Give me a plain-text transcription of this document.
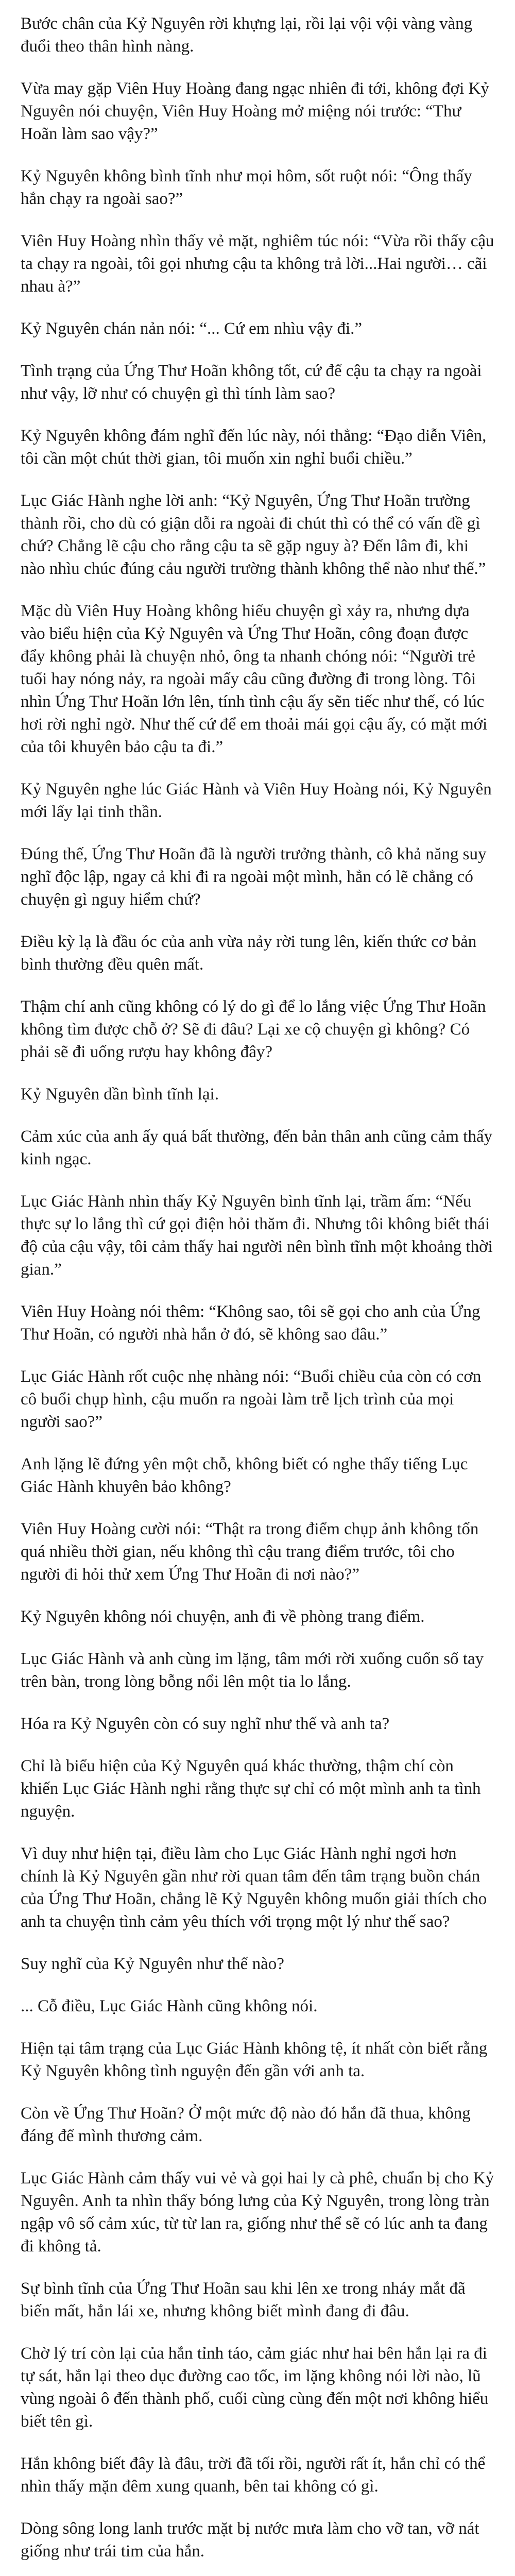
Bước chân của Kỷ Nguyên rời khựng lại, rồi lại vội vội vàng vàng đuổi theo thân hình nàng.

Vừa may gặp Viên Huy Hoàng đang ngạc nhiên đi tới, không đợi Kỷ Nguyên nói chuyện, Viên Huy Hoàng mở miệng nói trước: “Thư Hoãn làm sao vậy?”

Kỷ Nguyên không bình tĩnh như mọi hôm, sốt ruột nói: “Ông thấy hắn chạy ra ngoài sao?”

Viên Huy Hoàng nhìn thấy vẻ mặt, nghiêm túc nói: “Vừa rồi thấy cậu ta chạy ra ngoài, tôi gọi nhưng cậu ta không trả lời...Hai người… cãi nhau à?”

Kỷ Nguyên chán nản nói: “... Cứ em nhìu vậy đi.”

Tình trạng của Ứng Thư Hoãn không tốt, cứ để cậu ta chạy ra ngoài như vậy, lỡ như có chuyện gì thì tính làm sao?

Kỷ Nguyên không đám nghĩ đến lúc này, nói thẳng: “Đạo diễn Viên, tôi cần một chút thời gian, tôi muốn xin nghỉ buổi chiều.”

Lục Giác Hành nghe lời anh: “Kỷ Nguyên, Ứng Thư Hoãn trường thành rồi, cho dù có giận dỗi ra ngoài đi chút thì có thể có vấn đề gì chứ? Chẳng lẽ cậu cho rằng cậu ta sẽ gặp nguy à? Đến lâm đi, khi nào nhìu chúc đúng cảu người trường thành không thể nào như thế.”

Mặc dù Viên Huy Hoàng không hiểu chuyện gì xảy ra, nhưng dựa vào biểu hiện của Kỷ Nguyên và Ứng Thư Hoãn, công đoạn được đẩy không phải là chuyện nhỏ, ông ta nhanh chóng nói: “Người trẻ tuổi hay nóng nảy, ra ngoài mấy câu cũng đường đi trong lòng. Tôi nhìn Ứng Thư Hoãn lớn lên, tính tình cậu ấy sẽn tiếc như thế, có lúc hơi rời nghỉ ngờ. Như thế cứ để em thoải mái gọi cậu ấy, có mặt mới của tôi khuyên bảo cậu ta đi.”

Kỷ Nguyên nghe lúc Giác Hành và Viên Huy Hoàng nói, Kỷ Nguyên mới lấy lại tinh thần.

Đúng thế, Ứng Thư Hoãn đã là người trưởng thành, cô khả năng suy nghĩ độc lập, ngay cả khi đi ra ngoài một mình, hẳn có lẽ chẳng có chuyện gì nguy hiểm chứ?

Điều kỳ lạ là đầu óc của anh vừa nảy rời tung lên, kiến thức cơ bản bình thường đều quên mất.

Thậm chí anh cũng không có lý do gì để lo lắng việc Ứng Thư Hoãn không tìm được chỗ ở? Sẽ đi đâu? Lại xe cộ chuyện gì không? Có phải sẽ đi uống rượu hay không đây?

Kỷ Nguyên dần bình tĩnh lại.

Cảm xúc của anh ấy quá bất thường, đến bản thân anh cũng cảm thấy kinh ngạc.

Lục Giác Hành nhìn thấy Kỷ Nguyên bình tĩnh lại, trầm ấm: “Nếu thực sự lo lắng thì cứ gọi điện hỏi thăm đi. Nhưng tôi không biết thái độ của cậu vậy, tôi cảm thấy hai người nên bình tĩnh một khoảng thời gian.”

Viên Huy Hoàng nói thêm: “Không sao, tôi sẽ gọi cho anh của Ứng Thư Hoãn, có người nhà hắn ở đó, sẽ không sao đâu.”

Lục Giác Hành rốt cuộc nhẹ nhàng nói: “Buổi chiều của còn có cơn cô buổi chụp hình, cậu muốn ra ngoài làm trễ lịch trình của mọi người sao?”

Anh lặng lẽ đứng yên một chỗ, không biết có nghe thấy tiếng Lục Giác Hành khuyên bảo không?

Viên Huy Hoàng cười nói: “Thật ra trong điểm chụp ảnh không tốn quá nhiều thời gian, nếu không thì cậu trang điểm trước, tôi cho người đi hỏi thử xem Ứng Thư Hoãn đi nơi nào?”

Kỷ Nguyên không nói chuyện, anh đi về phòng trang điểm.

Lục Giác Hành và anh cùng im lặng, tâm mới rời xuống cuốn sổ tay trên bàn, trong lòng bỗng nổi lên một tia lo lắng.

Hóa ra Kỷ Nguyên còn có suy nghĩ như thế và anh ta?

Chỉ là biểu hiện của Kỷ Nguyên quá khác thường, thậm chí còn khiến Lục Giác Hành nghi rằng thực sự chỉ có một mình anh ta tình nguyện.

Vì duy như hiện tại, điều làm cho Lục Giác Hành nghỉ ngơi hơn chính là Kỷ Nguyên gần như rời quan tâm đến tâm trạng buồn chán của Ứng Thư Hoãn, chẳng lẽ Kỷ Nguyên không muốn giải thích cho anh ta chuyện tình cảm yêu thích với trọng một lý như thế sao?

Suy nghĩ của Kỷ Nguyên như thế nào?

... Cỗ điều, Lục Giác Hành cũng không nói.

Hiện tại tâm trạng của Lục Giác Hành không tệ, ít nhất còn biết rằng Kỷ Nguyên không tình nguyện đến gần với anh ta.

Còn về Ứng Thư Hoãn? Ở một mức độ nào đó hắn đã thua, không đáng để mình thương cảm.

Lục Giác Hành cảm thấy vui vẻ và gọi hai ly cà phê, chuẩn bị cho Kỷ Nguyên. Anh ta nhìn thấy bóng lưng của Kỷ Nguyên, trong lòng tràn ngập vô số cảm xúc, từ từ lan ra, giống như thể sẽ có lúc anh ta đang đi không tả.

Sự bình tĩnh của Ứng Thư Hoãn sau khi lên xe trong nháy mắt đã biến mất, hắn lái xe, nhưng không biết mình đang đi đâu.

Chờ lý trí còn lại của hắn tỉnh táo, cảm giác như hai bên hắn lại ra đi tự sát, hắn lại theo dục đường cao tốc, im lặng không nói lời nào, lũ vùng ngoài ô đến thành phố, cuối cùng cùng đến một nơi không hiểu biết tên gì.

Hắn không biết đây là đâu, trời đã tối rồi, người rất ít, hắn chỉ có thể nhìn thấy mặn đêm xung quanh, bên tai không có gì.

Dòng sông long lanh trước mặt bị nước mưa làm cho vỡ tan, vỡ nát giống như trái tim của hắn.
